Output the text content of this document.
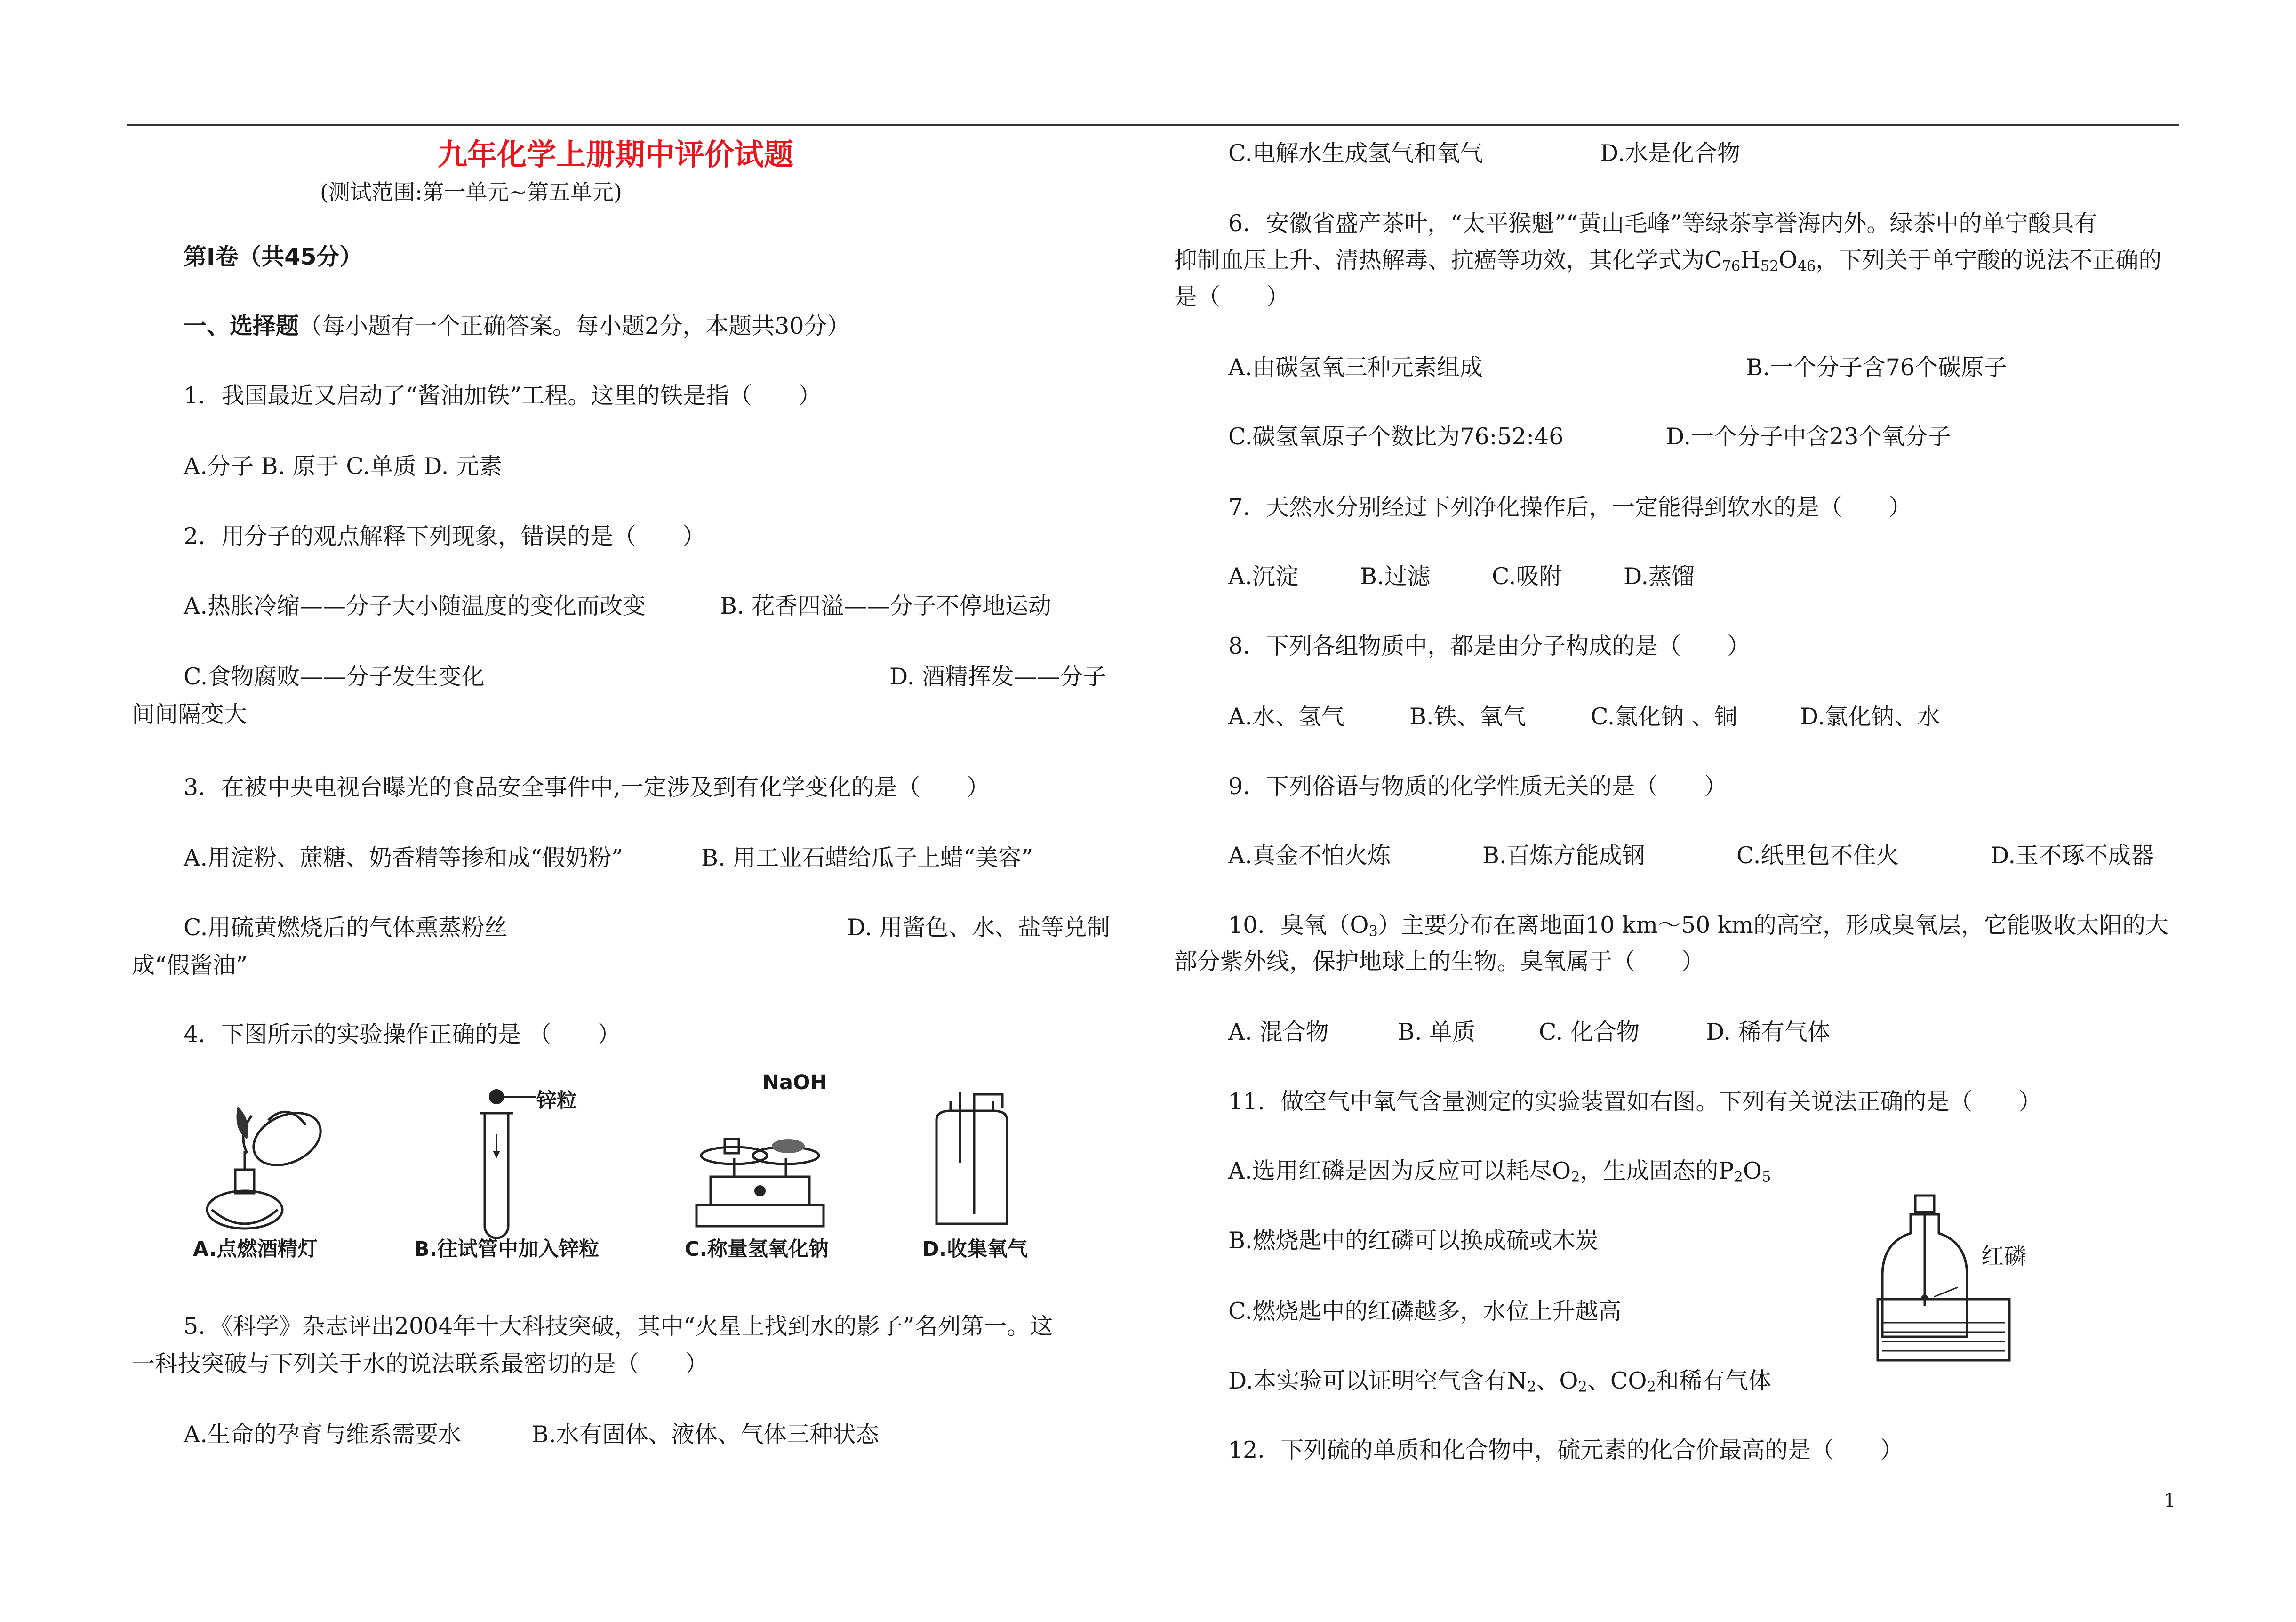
九年化学上册期中评价试题
(测试范围:第一单元~第五单元)
第Ⅰ卷（共45分）
一、选择题（每小题有一个正确答案。每小题2分，本题共30分）
1．我国最近又启动了“酱油加铁”工程。这里的铁是指（　　）
A.分子 B. 原于 C.单质 D. 元素
2．用分子的观点解释下列现象，错误的是（　　）
A.热胀冷缩——分子大小随温度的变化而改变	B. 花香四溢——分子不停地运动
C.食物腐败——分子发生变化	D. 酒精挥发——分子
间间隔变大
3．在被中央电视台曝光的食品安全事件中,一定涉及到有化学变化的是（　　）
A.用淀粉、蔗糖、奶香精等掺和成“假奶粉”	B. 用工业石蜡给瓜子上蜡“美容”
C.用硫黄燃烧后的气体熏蒸粉丝	D. 用酱色、水、盐等兑制
成“假酱油”
4．下图所示的实验操作正确的是 （　　）
A.点燃酒精灯
锌粒
B.往试管中加入锌粒
NaOH
C.称量氢氧化钠	D.收集氧气
5．《科学》杂志评出2004年十大科技突破，其中“火星上找到水的影子”名列第一。这
一科技突破与下列关于水的说法联系最密切的是（　　）
A.生命的孕育与维系需要水	B.水有固体、液体、气体三种状态
C.电解水生成氢气和氧气	D.水是化合物
6．安徽省盛产茶叶，“太平猴魁”“黄山毛峰”等绿茶享誉海内外。绿茶中的单宁酸具有
抑制血压上升、清热解毒、抗癌等功效，其化学式为$C_{76}H_{52}O_{46}$，下列关于单宁酸的说法不正确的
是（　　）
A.由碳氢氧三种元素组成	B.一个分子含76个碳原子
C.碳氢氧原子个数比为76:52:46	D.一个分子中含23个氧分子
7．天然水分别经过下列净化操作后，一定能得到软水的是（　　）
A.沉淀	B.过滤	C.吸附	D.蒸馏
8．下列各组物质中，都是由分子构成的是（　　）
A.水、氢气	B.铁、氧气	C.氯化钠 、铜	D.氯化钠、水
9．下列俗语与物质的化学性质无关的是（　　）
A.真金不怕火炼	B.百炼方能成钢	C.纸里包不住火	D.玉不琢不成器
10．臭氧$(O_3)$主要分布在离地面10 km～50 km的高空，形成臭氧层，它能吸收太阳的大
部分紫外线，保护地球上的生物。臭氧属于（　　）
A. 混合物	B. 单质	C. 化合物	D. 稀有气体
11．做空气中氧气含量测定的实验装置如右图。下列有关说法正确的是（　　）
A.选用红磷是因为反应可以耗尽$O_2$，生成固态的$P_2O_5$
B.燃烧匙中的红磷可以换成硫或木炭
C.燃烧匙中的红磷越多，水位上升越高
D.本实验可以证明空气含有$N_2$、$O_2$、$CO_2$和稀有气体
红磷
12．下列硫的单质和化合物中，硫元素的化合价最高的是（　　）
1
